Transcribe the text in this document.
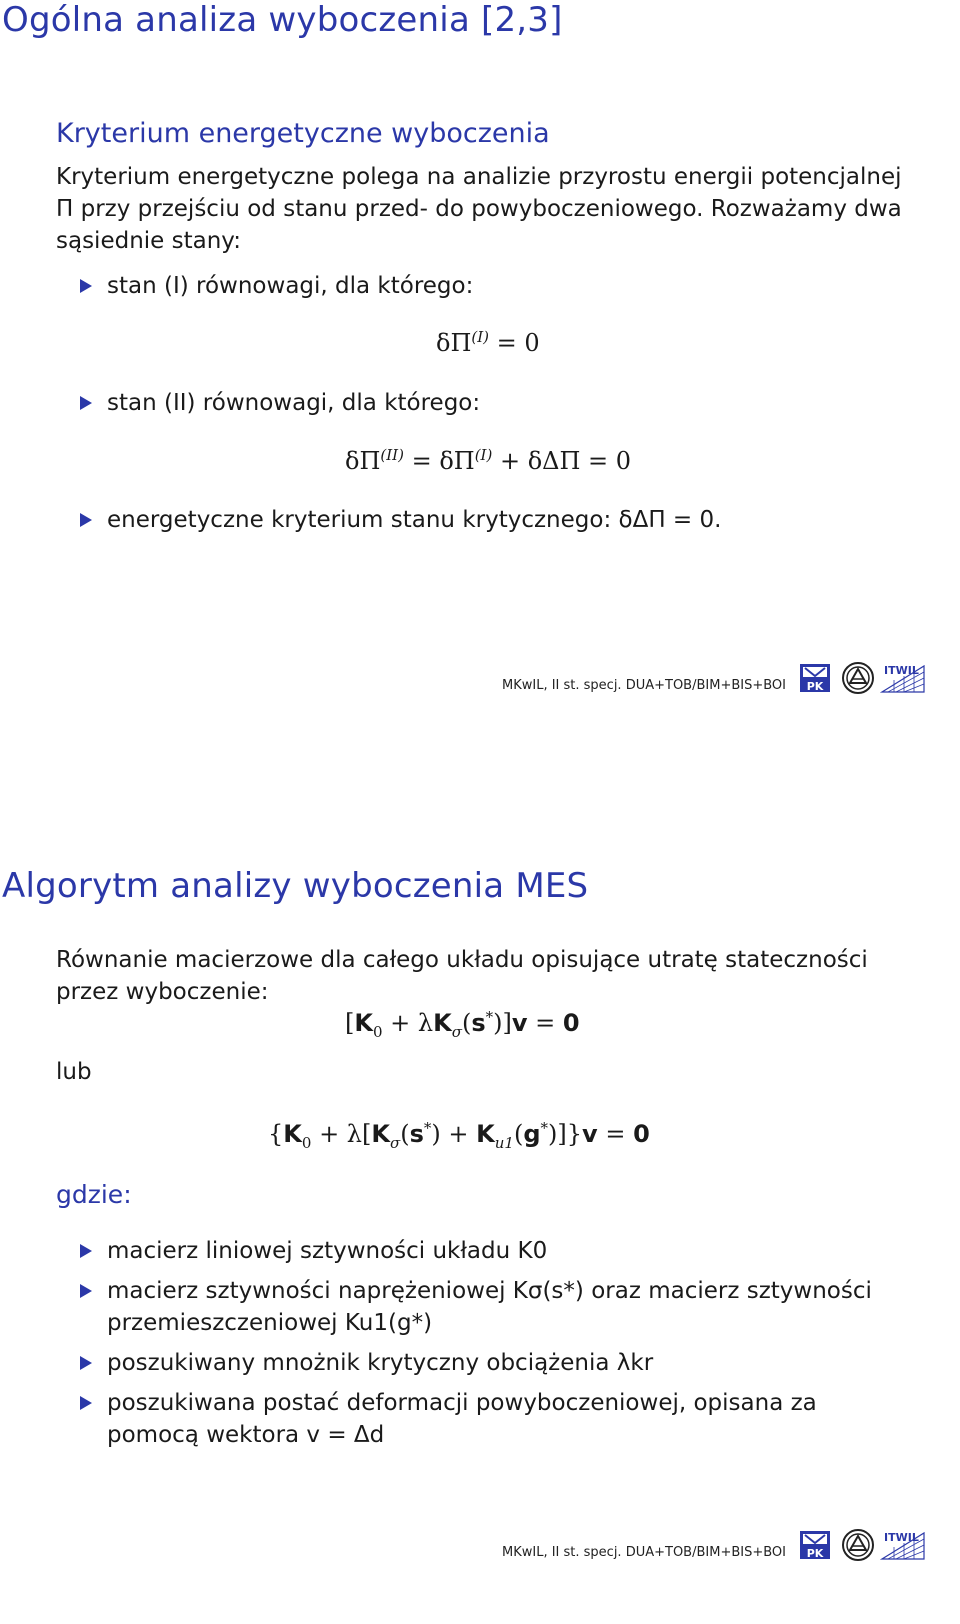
Ogólna analiza wyboczenia [2,3]
Kryterium energetyczne wyboczenia
Kryterium energetyczne polega na analizie przyrostu energii potencjalnej Π przy przejściu od stanu przed- do powyboczeniowego. Rozważamy dwa sąsiednie stany:
stan (I) równowagi, dla którego:
$\delta\Pi^{(I)} = 0$
stan (II) równowagi, dla którego:
$\delta\Pi^{(II)} = \delta\Pi^{(I)} + \delta\Delta\Pi = 0$
energetyczne kryterium stanu krytycznego: δΔΠ = 0.
MKwIL, II st. specj. DUA+TOB/BIM+BIS+BOI PK
ITWIL
Algorytm analizy wyboczenia MES
Równanie macierzowe dla całego układu opisujące utratę stateczności przez wyboczenie:
$[K_0 + \lambda K_\sigma(s^*)]v = 0$
lub
$\{K_0 + \lambda[K_\sigma(s^*) + K_{u1}(g^*)]\}v = 0$
gdzie:
macierz liniowej sztywności układu K0
macierz sztywności naprężeniowej Kσ(s*) oraz macierz sztywności przemieszczeniowej Ku1(g*)
poszukiwany mnożnik krytyczny obciążenia λkr
poszukiwana postać deformacji powyboczeniowej, opisana za pomocą wektora v = Δd
MKwIL, II st. specj. DUA+TOB/BIM+BIS+BOI PK
ITWIL
